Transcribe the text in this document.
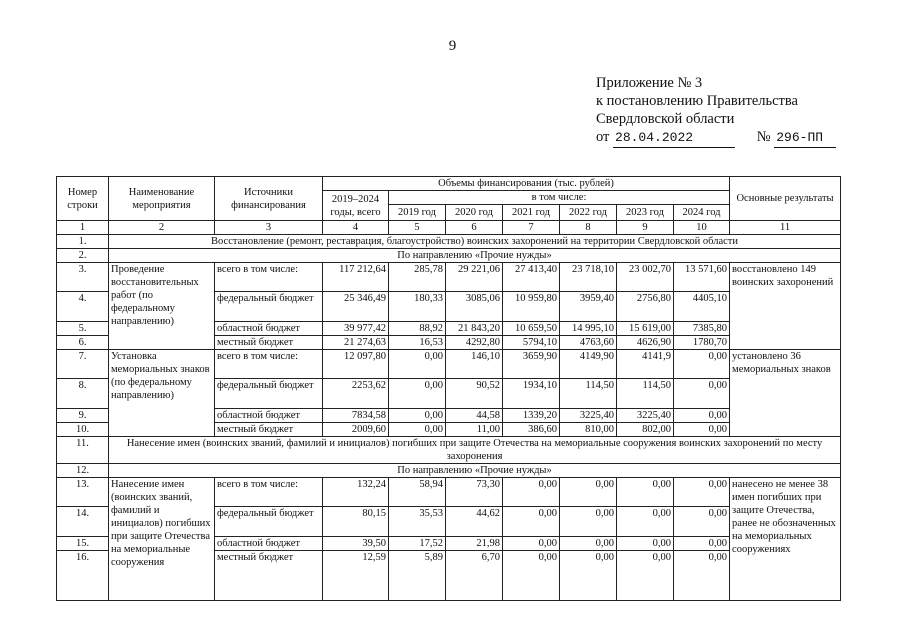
9
Приложение № 3
к постановлению Правительства
Свердловской области
от 28.04.2022	№ 296-ПП
Номер строки	Наименование мероприятия	Источники финансирования	Объемы финансирования (тыс. рублей)							Основные результаты
			2019–2024 годы, всего	в том числе:						
				2019 год	2020 год	2021 год	2022 год	2023 год	2024 год	
1	2	3	4	5	6	7	8	9	10	11
1.	Восстановление (ремонт, реставрация, благоустройство) воинских захоронений на территории Свердловской области									
2.	По направлению «Прочие нужды»									
3.	Проведение восстановительных работ (по федеральному направлению)	всего в том числе:	117 212,64	285,78	29 221,06	27 413,40	23 718,10	23 002,70	13 571,60	восстановлено 149 воинских захоронений
4.		федеральный бюджет	25 346,49	180,33	3085,06	10 959,80	3959,40	2756,80	4405,10	
5.		областной бюджет	39 977,42	88,92	21 843,20	10 659,50	14 995,10	15 619,00	7385,80	
6.		местный бюджет	21 274,63	16,53	4292,80	5794,10	4763,60	4626,90	1780,70	
7.	Установка мемориальных знаков (по федеральному направлению)	всего в том числе:	12 097,80	0,00	146,10	3659,90	4149,90	4141,9	0,00	установлено 36 мемориальных знаков
8.		федеральный бюджет	2253,62	0,00	90,52	1934,10	114,50	114,50	0,00	
9.		областной бюджет	7834,58	0,00	44,58	1339,20	3225,40	3225,40	0,00	
10.		местный бюджет	2009,60	0,00	11,00	386,60	810,00	802,00	0,00	
11.	Нанесение имен (воинских званий, фамилий и инициалов) погибших при защите Отечества на мемориальные сооружения воинских захоронений по месту захоронения									
12.	По направлению «Прочие нужды»									
13.	Нанесение имен (воинских званий, фамилий и инициалов) погибших при защите Отечества на мемориальные сооружения	всего в том числе:	132,24	58,94	73,30	0,00	0,00	0,00	0,00	нанесено не менее 38 имен погибших при защите Отечества, ранее не обозначенных на мемориальных сооружениях
14.		федеральный бюджет	80,15	35,53	44,62	0,00	0,00	0,00	0,00	
15.		областной бюджет	39,50	17,52	21,98	0,00	0,00	0,00	0,00	
16.		местный бюджет	12,59	5,89	6,70	0,00	0,00	0,00	0,00	
